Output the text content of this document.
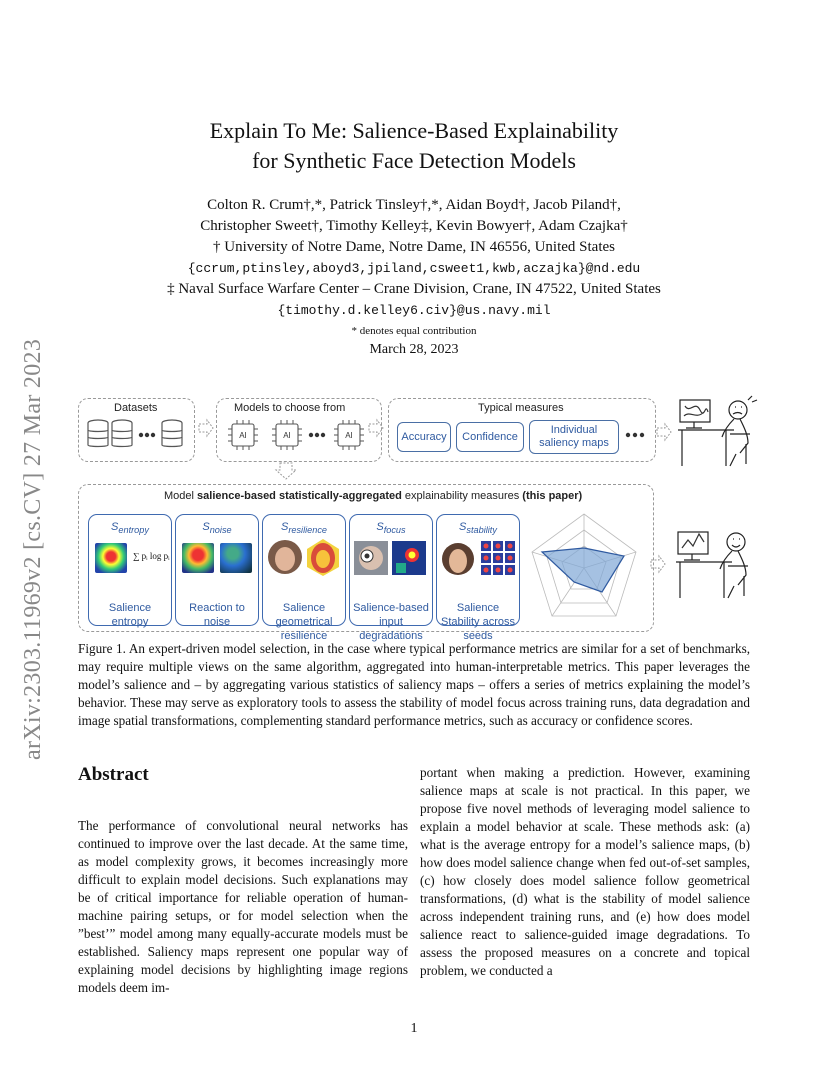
arXiv:2303.11969v2 [cs.CV] 27 Mar 2023
Explain To Me: Salience-Based Explainability
for Synthetic Face Detection Models
Colton R. Crum†,*, Patrick Tinsley†,*, Aidan Boyd†, Jacob Piland†,
Christopher Sweet†, Timothy Kelley‡, Kevin Bowyer†, Adam Czajka†
† University of Notre Dame, Notre Dame, IN 46556, United States
{ccrum,ptinsley,aboyd3,jpiland,csweet1,kwb,aczajka}@nd.edu
‡ Naval Surface Warfare Center – Crane Division, Crane, IN 47522, United States
{timothy.d.kelley6.civ}@us.navy.mil
* denotes equal contribution
March 28, 2023
Datasets	Models to choose from
AI	AI	AI
Typical measures
Accuracy	Confidence
Individual saliency maps
Model salience-based statistically-aggregated explainability measures (this paper)
$S_{entropy}$
∑ pᵢ log pᵢ
Salience entropy
$S_{noise}$
Reaction to noise
$S_{resilience}$
Salience geometrical resilience
$S_{focus}$
Salience-based input degradations
$S_{stability}$
Salience Stability across seeds
Figure 1. An expert-driven model selection, in the case where typical performance metrics are similar for a set of benchmarks, may require multiple views on the same algorithm, aggregated into human-interpretable metrics. This paper leverages the model’s salience and – by aggregating various statistics of saliency maps – offers a series of metrics explaining the model’s behavior. These may serve as exploratory tools to assess the stability of model focus across training runs, data degradation and image spatial transformations, complementing standard performance metrics, such as accuracy or confidence scores.
Abstract
The performance of convolutional neural networks has continued to improve over the last decade. At the same time, as model complexity grows, it becomes increasingly more difficult to explain model decisions. Such explanations may be of critical importance for reliable operation of human-machine pairing setups, or for model selection when the ”best’” model among many equally-accurate models must be established. Saliency maps represent one popular way of explaining model decisions by highlighting image regions models deem im-
portant when making a prediction. However, examining salience maps at scale is not practical. In this paper, we propose five novel methods of leveraging model salience to explain a model behavior at scale. These methods ask: (a) what is the average entropy for a model’s salience maps, (b) how does model salience change when fed out-of-set samples, (c) how closely does model salience follow geometrical transformations, (d) what is the stability of model salience across independent training runs, and (e) how does model salience react to salience-guided image degradations. To assess the proposed measures on a concrete and topical problem, we conducted a
1
